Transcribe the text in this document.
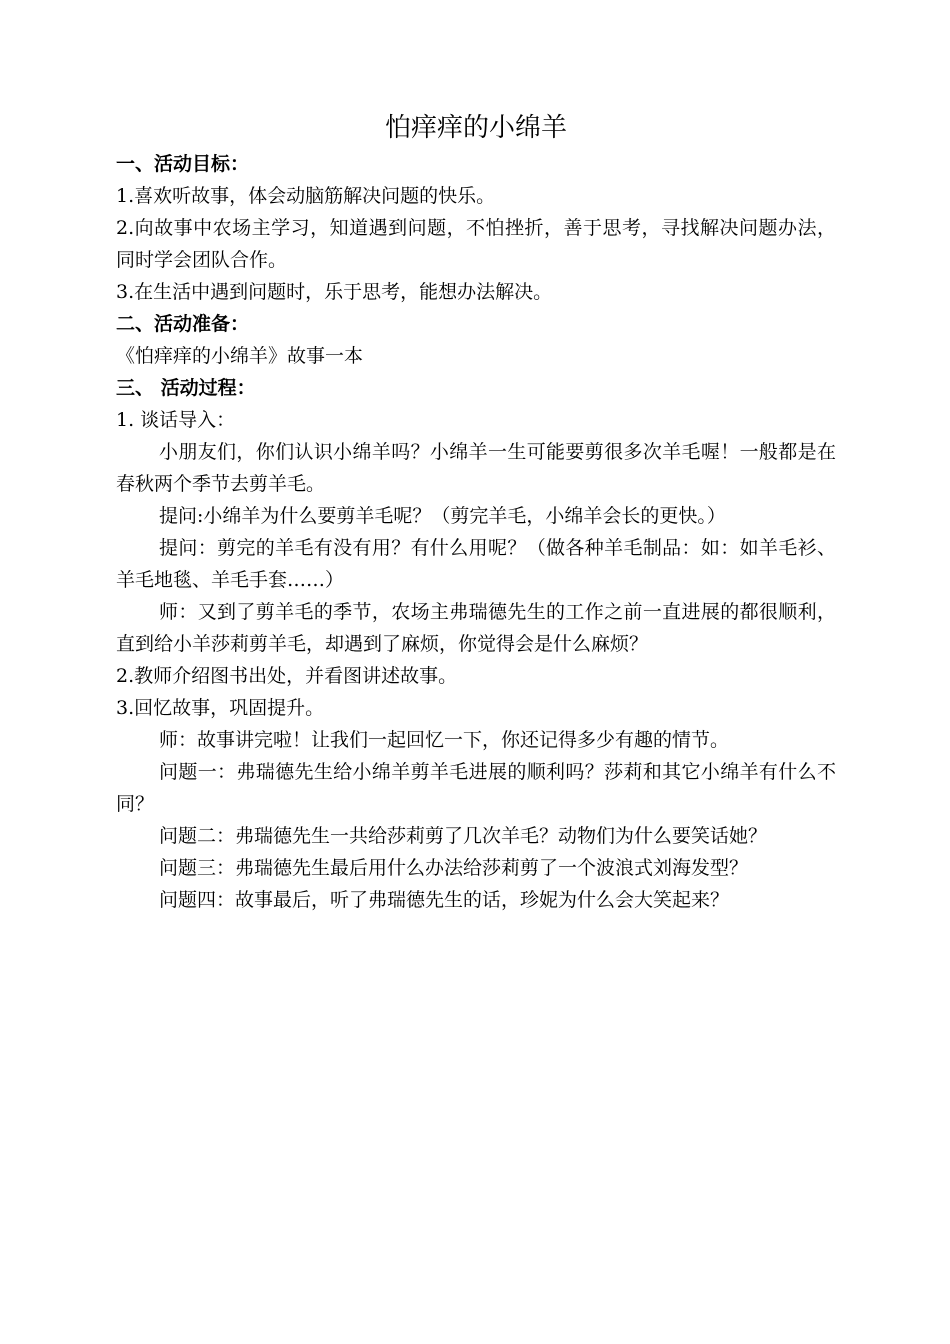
怕痒痒的小绵羊

一、活动目标：

1.喜欢听故事，体会动脑筋解决问题的快乐。

2.向故事中农场主学习，知道遇到问题，不怕挫折，善于思考，寻找解决问题办法，同时学会团队合作。

3.在生活中遇到问题时，乐于思考，能想办法解决。

二、活动准备：

《怕痒痒的小绵羊》故事一本

三、 活动过程：

1. 谈话导入：

小朋友们，你们认识小绵羊吗？小绵羊一生可能要剪很多次羊毛喔！一般都是在春秋两个季节去剪羊毛。

提问:小绵羊为什么要剪羊毛呢？（剪完羊毛，小绵羊会长的更快。）

提问：剪完的羊毛有没有用？有什么用呢？（做各种羊毛制品：如：如羊毛衫、羊毛地毯、羊毛手套……）

师：又到了剪羊毛的季节，农场主弗瑞德先生的工作之前一直进展的都很顺利，直到给小羊莎莉剪羊毛，却遇到了麻烦，你觉得会是什么麻烦？

2.教师介绍图书出处，并看图讲述故事。

3.回忆故事，巩固提升。

师：故事讲完啦！让我们一起回忆一下，你还记得多少有趣的情节。

问题一：弗瑞德先生给小绵羊剪羊毛进展的顺利吗？莎莉和其它小绵羊有什么不同？

问题二：弗瑞德先生一共给莎莉剪了几次羊毛？动物们为什么要笑话她？

问题三：弗瑞德先生最后用什么办法给莎莉剪了一个波浪式刘海发型？

问题四：故事最后，听了弗瑞德先生的话，珍妮为什么会大笑起来？
